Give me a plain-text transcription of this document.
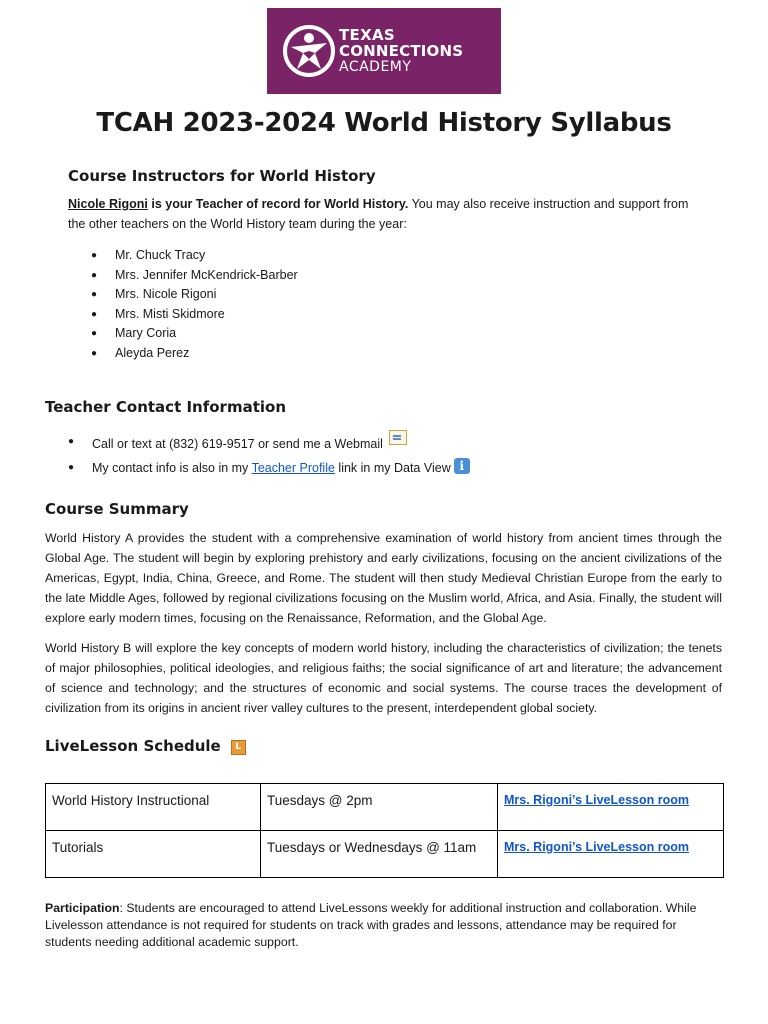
TEXAS
CONNECTIONS
ACADEMY
TCAH 2023-2024 World History Syllabus
Course Instructors for World History
Nicole Rigoni is your Teacher of record for World History. You may also receive instruction and support from the other teachers on the World History team during the year:
● Mr. Chuck Tracy
● Mrs. Jennifer McKendrick-Barber
● Mrs. Nicole Rigoni
● Mrs. Misti Skidmore
● Mary Coria
● Aleyda Perez
Teacher Contact Information
● Call or text at (832) 619-9517 or send me a Webmail
● My contact info is also in my Teacher Profile link in my Data View i
Course Summary
World History A provides the student with a comprehensive examination of world history from ancient times through the Global Age. The student will begin by exploring prehistory and early civilizations, focusing on the ancient civilizations of the Americas, Egypt, India, China, Greece, and Rome. The student will then study Medieval Christian Europe from the early to the late Middle Ages, followed by regional civilizations focusing on the Muslim world, Africa, and Asia. Finally, the student will explore early modern times, focusing on the Renaissance, Reformation, and the Global Age.
World History B will explore the key concepts of modern world history, including the characteristics of civilization; the tenets of major philosophies, political ideologies, and religious faiths; the social significance of art and literature; the advancement of science and technology; and the structures of economic and social systems. The course traces the development of civilization from its origins in ancient river valley cultures to the present, interdependent global society.
LiveLesson Schedule L
World History Instructional	Tuesdays @ 2pm	Mrs. Rigoni’s LiveLesson room
Tutorials	Tuesdays or Wednesdays @ 11am	Mrs. Rigoni’s LiveLesson room
Participation: Students are encouraged to attend LiveLessons weekly for additional instruction and collaboration. While Livelesson attendance is not required for students on track with grades and lessons, attendance may be required for students needing additional academic support.
